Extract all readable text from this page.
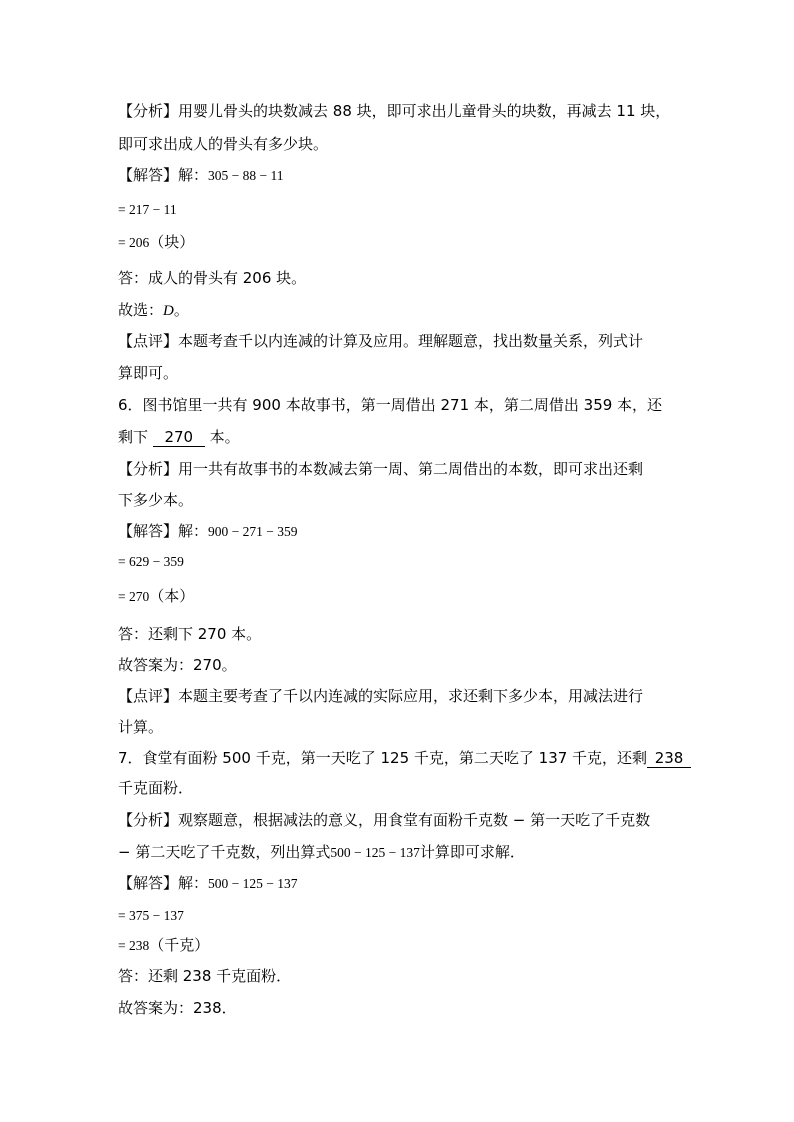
【分析】用婴儿骨头的块数减去 88 块，即可求出儿童骨头的块数，再减去 11 块，
即可求出成人的骨头有多少块。
【解答】解：305 − 88 − 11
= 217 − 11
= 206（块）
答：成人的骨头有 206 块。
故选：D。
【点评】本题考查千以内连减的计算及应用。理解题意，找出数量关系，列式计
算即可。
6．图书馆里一共有 900 本故事书，第一周借出 271 本，第二周借出 359 本，还
剩下 270 本。
【分析】用一共有故事书的本数减去第一周、第二周借出的本数，即可求出还剩
下多少本。
【解答】解：900 − 271 − 359
= 629 − 359
= 270（本）
答：还剩下 270 本。
故答案为：270。
【点评】本题主要考查了千以内连减的实际应用，求还剩下多少本，用减法进行
计算。
7．食堂有面粉 500 千克，第一天吃了 125 千克，第二天吃了 137 千克，还剩 238
千克面粉．
【分析】观察题意，根据减法的意义，用食堂有面粉千克数 − 第一天吃了千克数
− 第二天吃了千克数，列出算式500 − 125 − 137计算即可求解．
【解答】解：500 − 125 − 137
= 375 − 137
= 238（千克）
答：还剩 238 千克面粉．
故答案为：238．
